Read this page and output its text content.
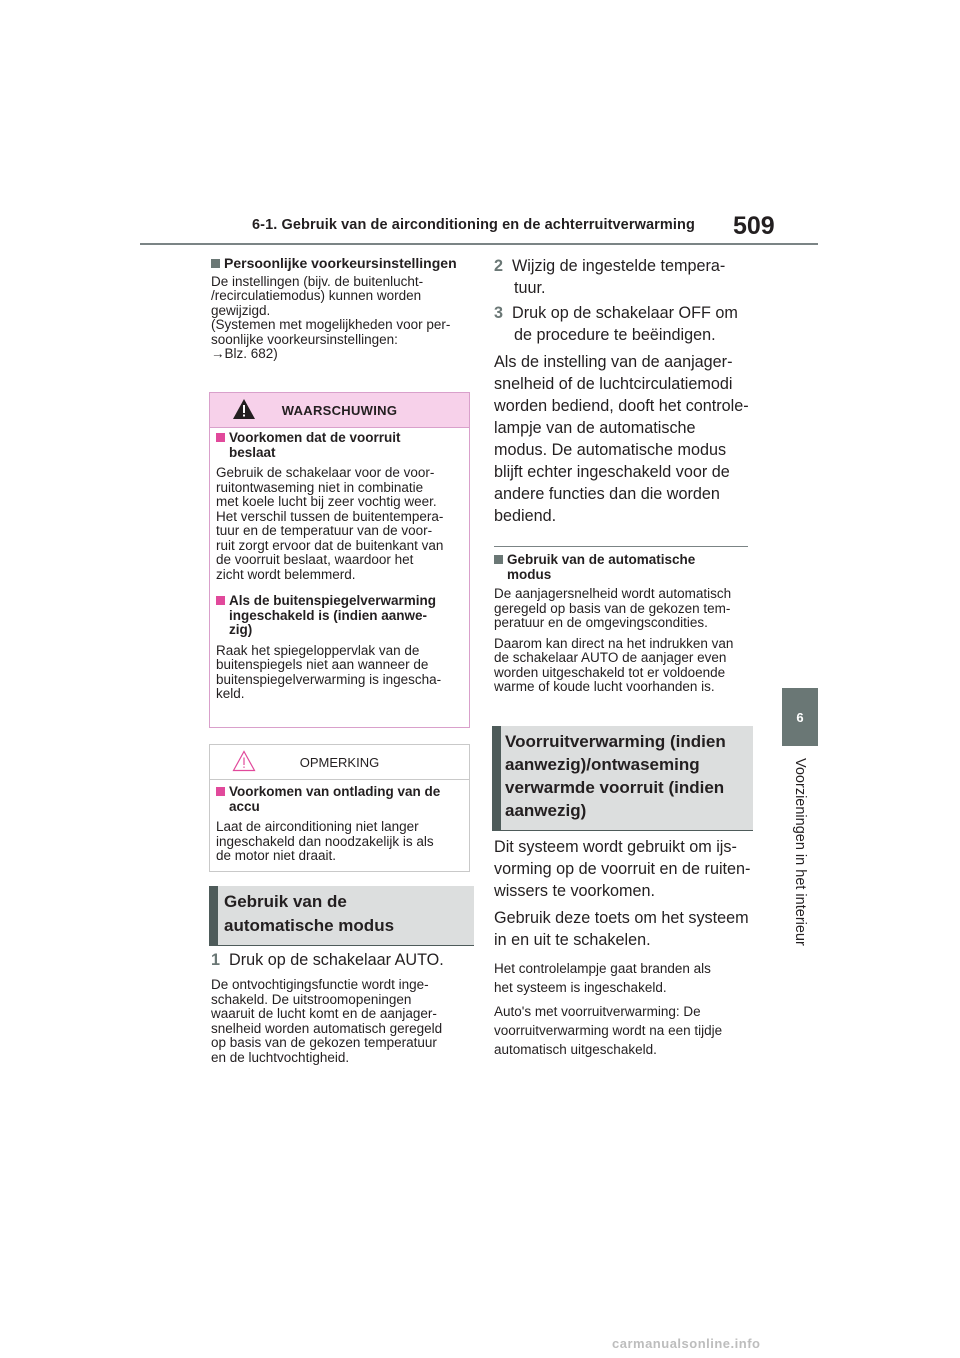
6-1. Gebruik van de airconditioning en de achterruitverwarming 509
6
Voorzieningen in het interieur
Persoonlijke voorkeursinstellingen
De instellingen (bijv. de buitenlucht-
/recirculatiemodus) kunnen worden
gewijzigd.
(Systemen met mogelijkheden voor per-
soonlijke voorkeursinstellingen:
→Blz. 682)
WAARSCHUWING
Voorkomen dat de voorruit
beslaat
Gebruik de schakelaar voor de voor-
ruitontwaseming niet in combinatie
met koele lucht bij zeer vochtig weer.
Het verschil tussen de buitentempera-
tuur en de temperatuur van de voor-
ruit zorgt ervoor dat de buitenkant van
de voorruit beslaat, waardoor het
zicht wordt belemmerd.
Als de buitenspiegelverwarming
ingeschakeld is (indien aanwe-
zig)
Raak het spiegeloppervlak van de
buitenspiegels niet aan wanneer de
buitenspiegelverwarming is ingescha-
keld.
OPMERKING
Voorkomen van ontlading van de
accu
Laat de airconditioning niet langer
ingeschakeld dan noodzakelijk is als
de motor niet draait.
Gebruik van de
automatische modus
1 Druk op de schakelaar AUTO.
De ontvochtigingsfunctie wordt inge-
schakeld. De uitstroomopeningen
waaruit de lucht komt en de aanjager-
snelheid worden automatisch geregeld
op basis van de gekozen temperatuur
en de luchtvochtigheid.
2 Wijzig de ingestelde tempera-
tuur.
3 Druk op de schakelaar OFF om
de procedure te beëindigen.
Als de instelling van de aanjager-
snelheid of de luchtcirculatiemodi
worden bediend, dooft het controle-
lampje van de automatische
modus. De automatische modus
blijft echter ingeschakeld voor de
andere functies dan die worden
bediend.
Gebruik van de automatische
modus
De aanjagersnelheid wordt automatisch
geregeld op basis van de gekozen tem-
peratuur en de omgevingscondities.
Daarom kan direct na het indrukken van
de schakelaar AUTO de aanjager even
worden uitgeschakeld tot er voldoende
warme of koude lucht voorhanden is.
Voorruitverwarming (indien
aanwezig)/ontwaseming
verwarmde voorruit (indien
aanwezig)
Dit systeem wordt gebruikt om ijs-
vorming op de voorruit en de ruiten-
wissers te voorkomen.
Gebruik deze toets om het systeem
in en uit te schakelen.
Het controlelampje gaat branden als
het systeem is ingeschakeld.
Auto's met voorruitverwarming: De
voorruitverwarming wordt na een tijdje
automatisch uitgeschakeld.
carmanualsonline.info
